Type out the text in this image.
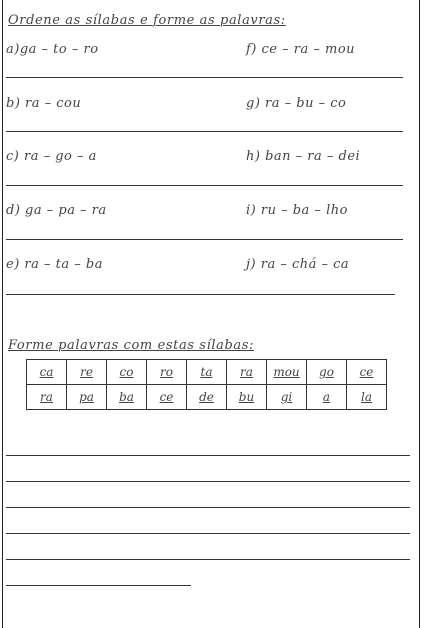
Ordene as sílabas e forme as palavras:
a)ga – to – ro	f) ce – ra – mou
b) ra – cou	g) ra – bu – co
c) ra – go – a	h) ban – ra – dei
d) ga – pa – ra	i) ru – ba – lho
e) ra – ta – ba	j) ra – chá – ca
Forme palavras com estas sílabas:
ca	re	co	ro	ta	ra	mou	go	ce
ra	pa	ba	ce	de	bu	gi	a	la
